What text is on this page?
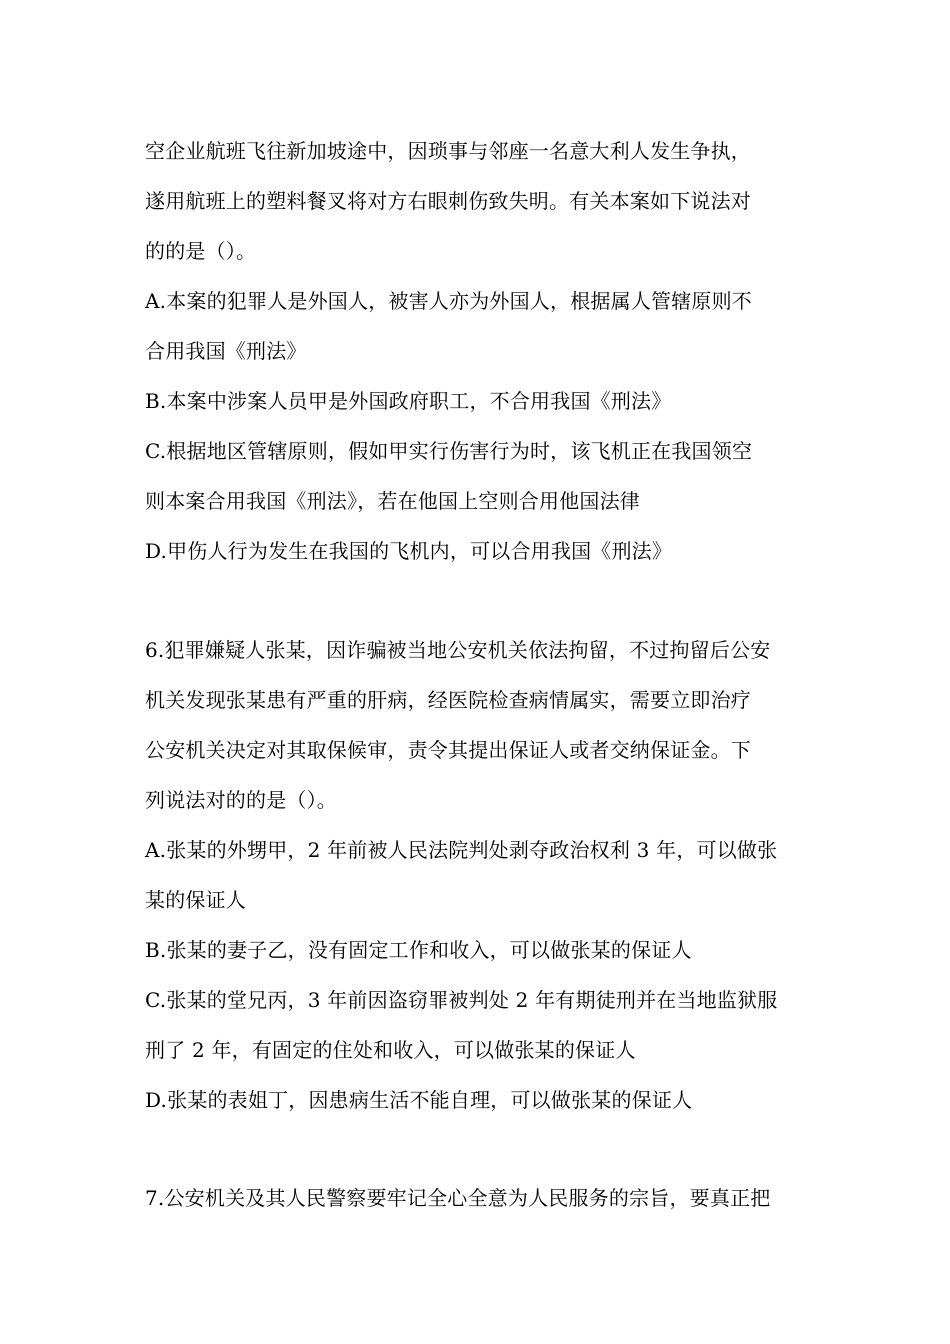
空企业航班飞往新加坡途中，因琐事与邻座一名意大利人发生争执，
遂用航班上的塑料餐叉将对方右眼刺伤致失明。有关本案如下说法对
的的是（）。
A.本案的犯罪人是外国人，被害人亦为外国人，根据属人管辖原则不
合用我国《刑法》
B.本案中涉案人员甲是外国政府职工，不合用我国《刑法》
C.根据地区管辖原则，假如甲实行伤害行为时，该飞机正在我国领空
则本案合用我国《刑法》，若在他国上空则合用他国法律
D.甲伤人行为发生在我国的飞机内，可以合用我国《刑法》
6.犯罪嫌疑人张某，因诈骗被当地公安机关依法拘留，不过拘留后公安
机关发现张某患有严重的肝病，经医院检查病情属实，需要立即治疗
公安机关决定对其取保候审，责令其提出保证人或者交纳保证金。下
列说法对的的是（）。
A.张某的外甥甲，2 年前被人民法院判处剥夺政治权利 3 年，可以做张
某的保证人
B.张某的妻子乙，没有固定工作和收入，可以做张某的保证人
C.张某的堂兄丙，3 年前因盗窃罪被判处 2 年有期徒刑并在当地监狱服
刑了 2 年，有固定的住处和收入，可以做张某的保证人
D.张某的表姐丁，因患病生活不能自理，可以做张某的保证人
7.公安机关及其人民警察要牢记全心全意为人民服务的宗旨，要真正把
